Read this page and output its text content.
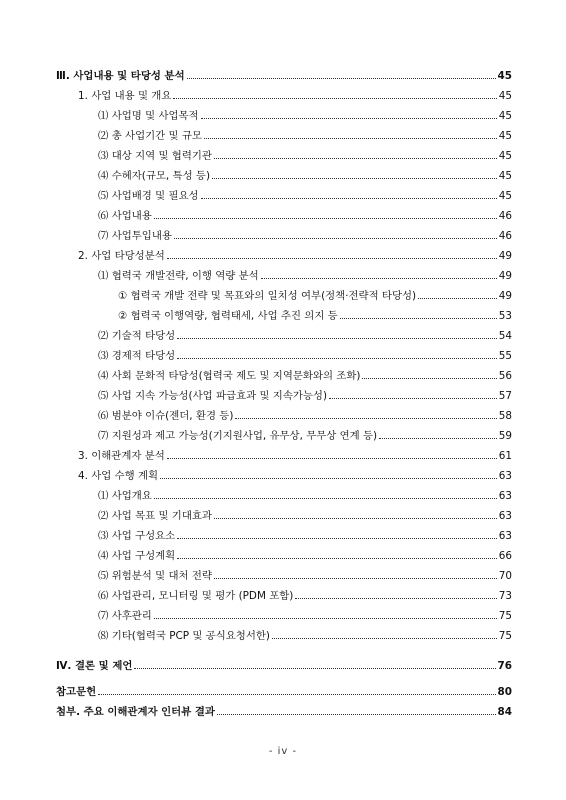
Ⅲ. 사업내용 및 타당성 분석	45
1. 사업 내용 및 개요	45
⑴ 사업명 및 사업목적	45
⑵ 총 사업기간 및 규모	45
⑶ 대상 지역 및 협력기관	45
⑷ 수혜자(규모, 특성 등)	45
⑸ 사업배경 및 필요성	45
⑹ 사업내용	46
⑺ 사업투입내용	46
2. 사업 타당성분석	49
⑴ 협력국 개발전략, 이행 역량 분석	49
① 협력국 개발 전략 및 목표와의 일치성 여부(정책·전략적 타당성)	49
② 협력국 이행역량, 협력태세, 사업 추진 의지 등	53
⑵ 기술적 타당성	54
⑶ 경제적 타당성	55
⑷ 사회 문화적 타당성(협력국 제도 및 지역문화와의 조화)	56
⑸ 사업 지속 가능성(사업 파급효과 및 지속가능성)	57
⑹ 범분야 이슈(젠더, 환경 등)	58
⑺ 지원성과 제고 가능성(기지원사업, 유무상, 무무상 연계 등)	59
3. 이해관계자 분석	61
4. 사업 수행 계획	63
⑴ 사업개요	63
⑵ 사업 목표 및 기대효과	63
⑶ 사업 구성요소	63
⑷ 사업 구성계획	66
⑸ 위험분석 및 대처 전략	70
⑹ 사업관리, 모니터링 및 평가 (PDM 포함)	73
⑺ 사후관리	75
⑻ 기타(협력국 PCP 및 공식요청서한)	75
Ⅳ. 결론 및 제언	76
참고문헌	80
첨부. 주요 이해관계자 인터뷰 결과	84
- iv -
